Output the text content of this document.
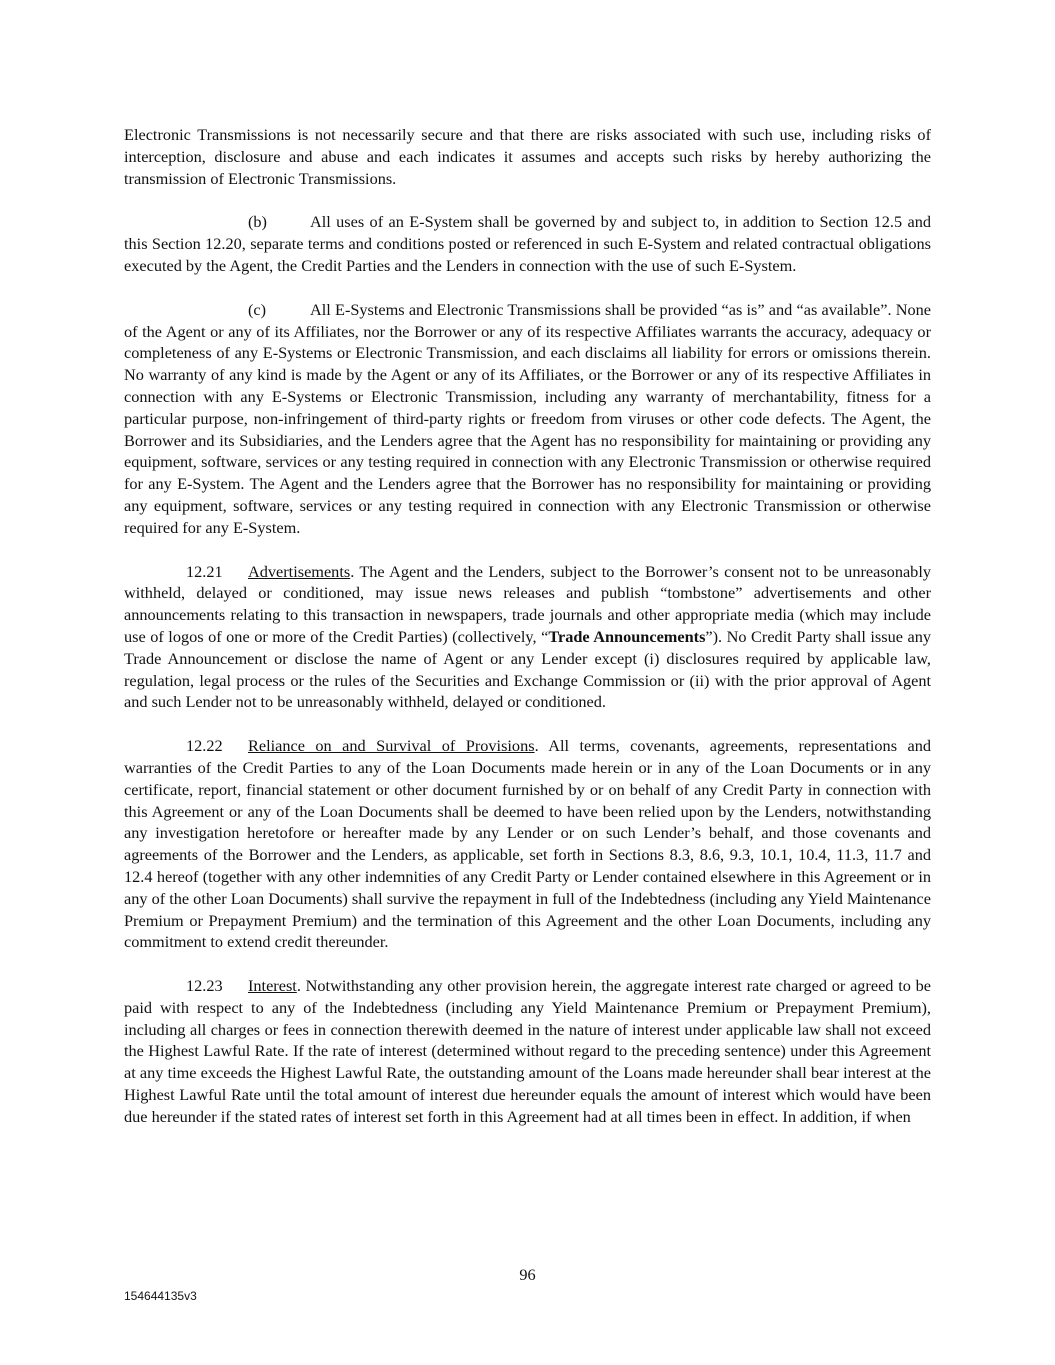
Electronic Transmissions is not necessarily secure and that there are risks associated with such use, including risks of interception, disclosure and abuse and each indicates it assumes and accepts such risks by hereby authorizing the transmission of Electronic Transmissions.

(b)	All uses of an E-System shall be governed by and subject to, in addition to Section 12.5 and this Section 12.20, separate terms and conditions posted or referenced in such E-System and related contractual obligations executed by the Agent, the Credit Parties and the Lenders in connection with the use of such E-System.

(c)	All E-Systems and Electronic Transmissions shall be provided “as is” and “as available”. None of the Agent or any of its Affiliates, nor the Borrower or any of its respective Affiliates warrants the accuracy, adequacy or completeness of any E-Systems or Electronic Transmission, and each disclaims all liability for errors or omissions therein. No warranty of any kind is made by the Agent or any of its Affiliates, or the Borrower or any of its respective Affiliates in connection with any E-Systems or Electronic Transmission, including any warranty of merchantability, fitness for a particular purpose, non-infringement of third-party rights or freedom from viruses or other code defects. The Agent, the Borrower and its Subsidiaries, and the Lenders agree that the Agent has no responsibility for maintaining or providing any equipment, software, services or any testing required in connection with any Electronic Transmission or otherwise required for any E-System. The Agent and the Lenders agree that the Borrower has no responsibility for maintaining or providing any equipment, software, services or any testing required in connection with any Electronic Transmission or otherwise required for any E-System.

12.21 Advertisements. The Agent and the Lenders, subject to the Borrower’s consent not to be unreasonably withheld, delayed or conditioned, may issue news releases and publish “tombstone” advertisements and other announcements relating to this transaction in newspapers, trade journals and other appropriate media (which may include use of logos of one or more of the Credit Parties) (collectively, “Trade Announcements”). No Credit Party shall issue any Trade Announcement or disclose the name of Agent or any Lender except (i) disclosures required by applicable law, regulation, legal process or the rules of the Securities and Exchange Commission or (ii) with the prior approval of Agent and such Lender not to be unreasonably withheld, delayed or conditioned.

12.22 Reliance on and Survival of Provisions. All terms, covenants, agreements, representations and warranties of the Credit Parties to any of the Loan Documents made herein or in any of the Loan Documents or in any certificate, report, financial statement or other document furnished by or on behalf of any Credit Party in connection with this Agreement or any of the Loan Documents shall be deemed to have been relied upon by the Lenders, notwithstanding any investigation heretofore or hereafter made by any Lender or on such Lender’s behalf, and those covenants and agreements of the Borrower and the Lenders, as applicable, set forth in Sections 8.3, 8.6, 9.3, 10.1, 10.4, 11.3, 11.7 and 12.4 hereof (together with any other indemnities of any Credit Party or Lender contained elsewhere in this Agreement or in any of the other Loan Documents) shall survive the repayment in full of the Indebtedness (including any Yield Maintenance Premium or Prepayment Premium) and the termination of this Agreement and the other Loan Documents, including any commitment to extend credit thereunder.

12.23 Interest. Notwithstanding any other provision herein, the aggregate interest rate charged or agreed to be paid with respect to any of the Indebtedness (including any Yield Maintenance Premium or Prepayment Premium), including all charges or fees in connection therewith deemed in the nature of interest under applicable law shall not exceed the Highest Lawful Rate. If the rate of interest (determined without regard to the preceding sentence) under this Agreement at any time exceeds the Highest Lawful Rate, the outstanding amount of the Loans made hereunder shall bear interest at the Highest Lawful Rate until the total amount of interest due hereunder equals the amount of interest which would have been due hereunder if the stated rates of interest set forth in this Agreement had at all times been in effect. In addition, if when

96
154644135v3
